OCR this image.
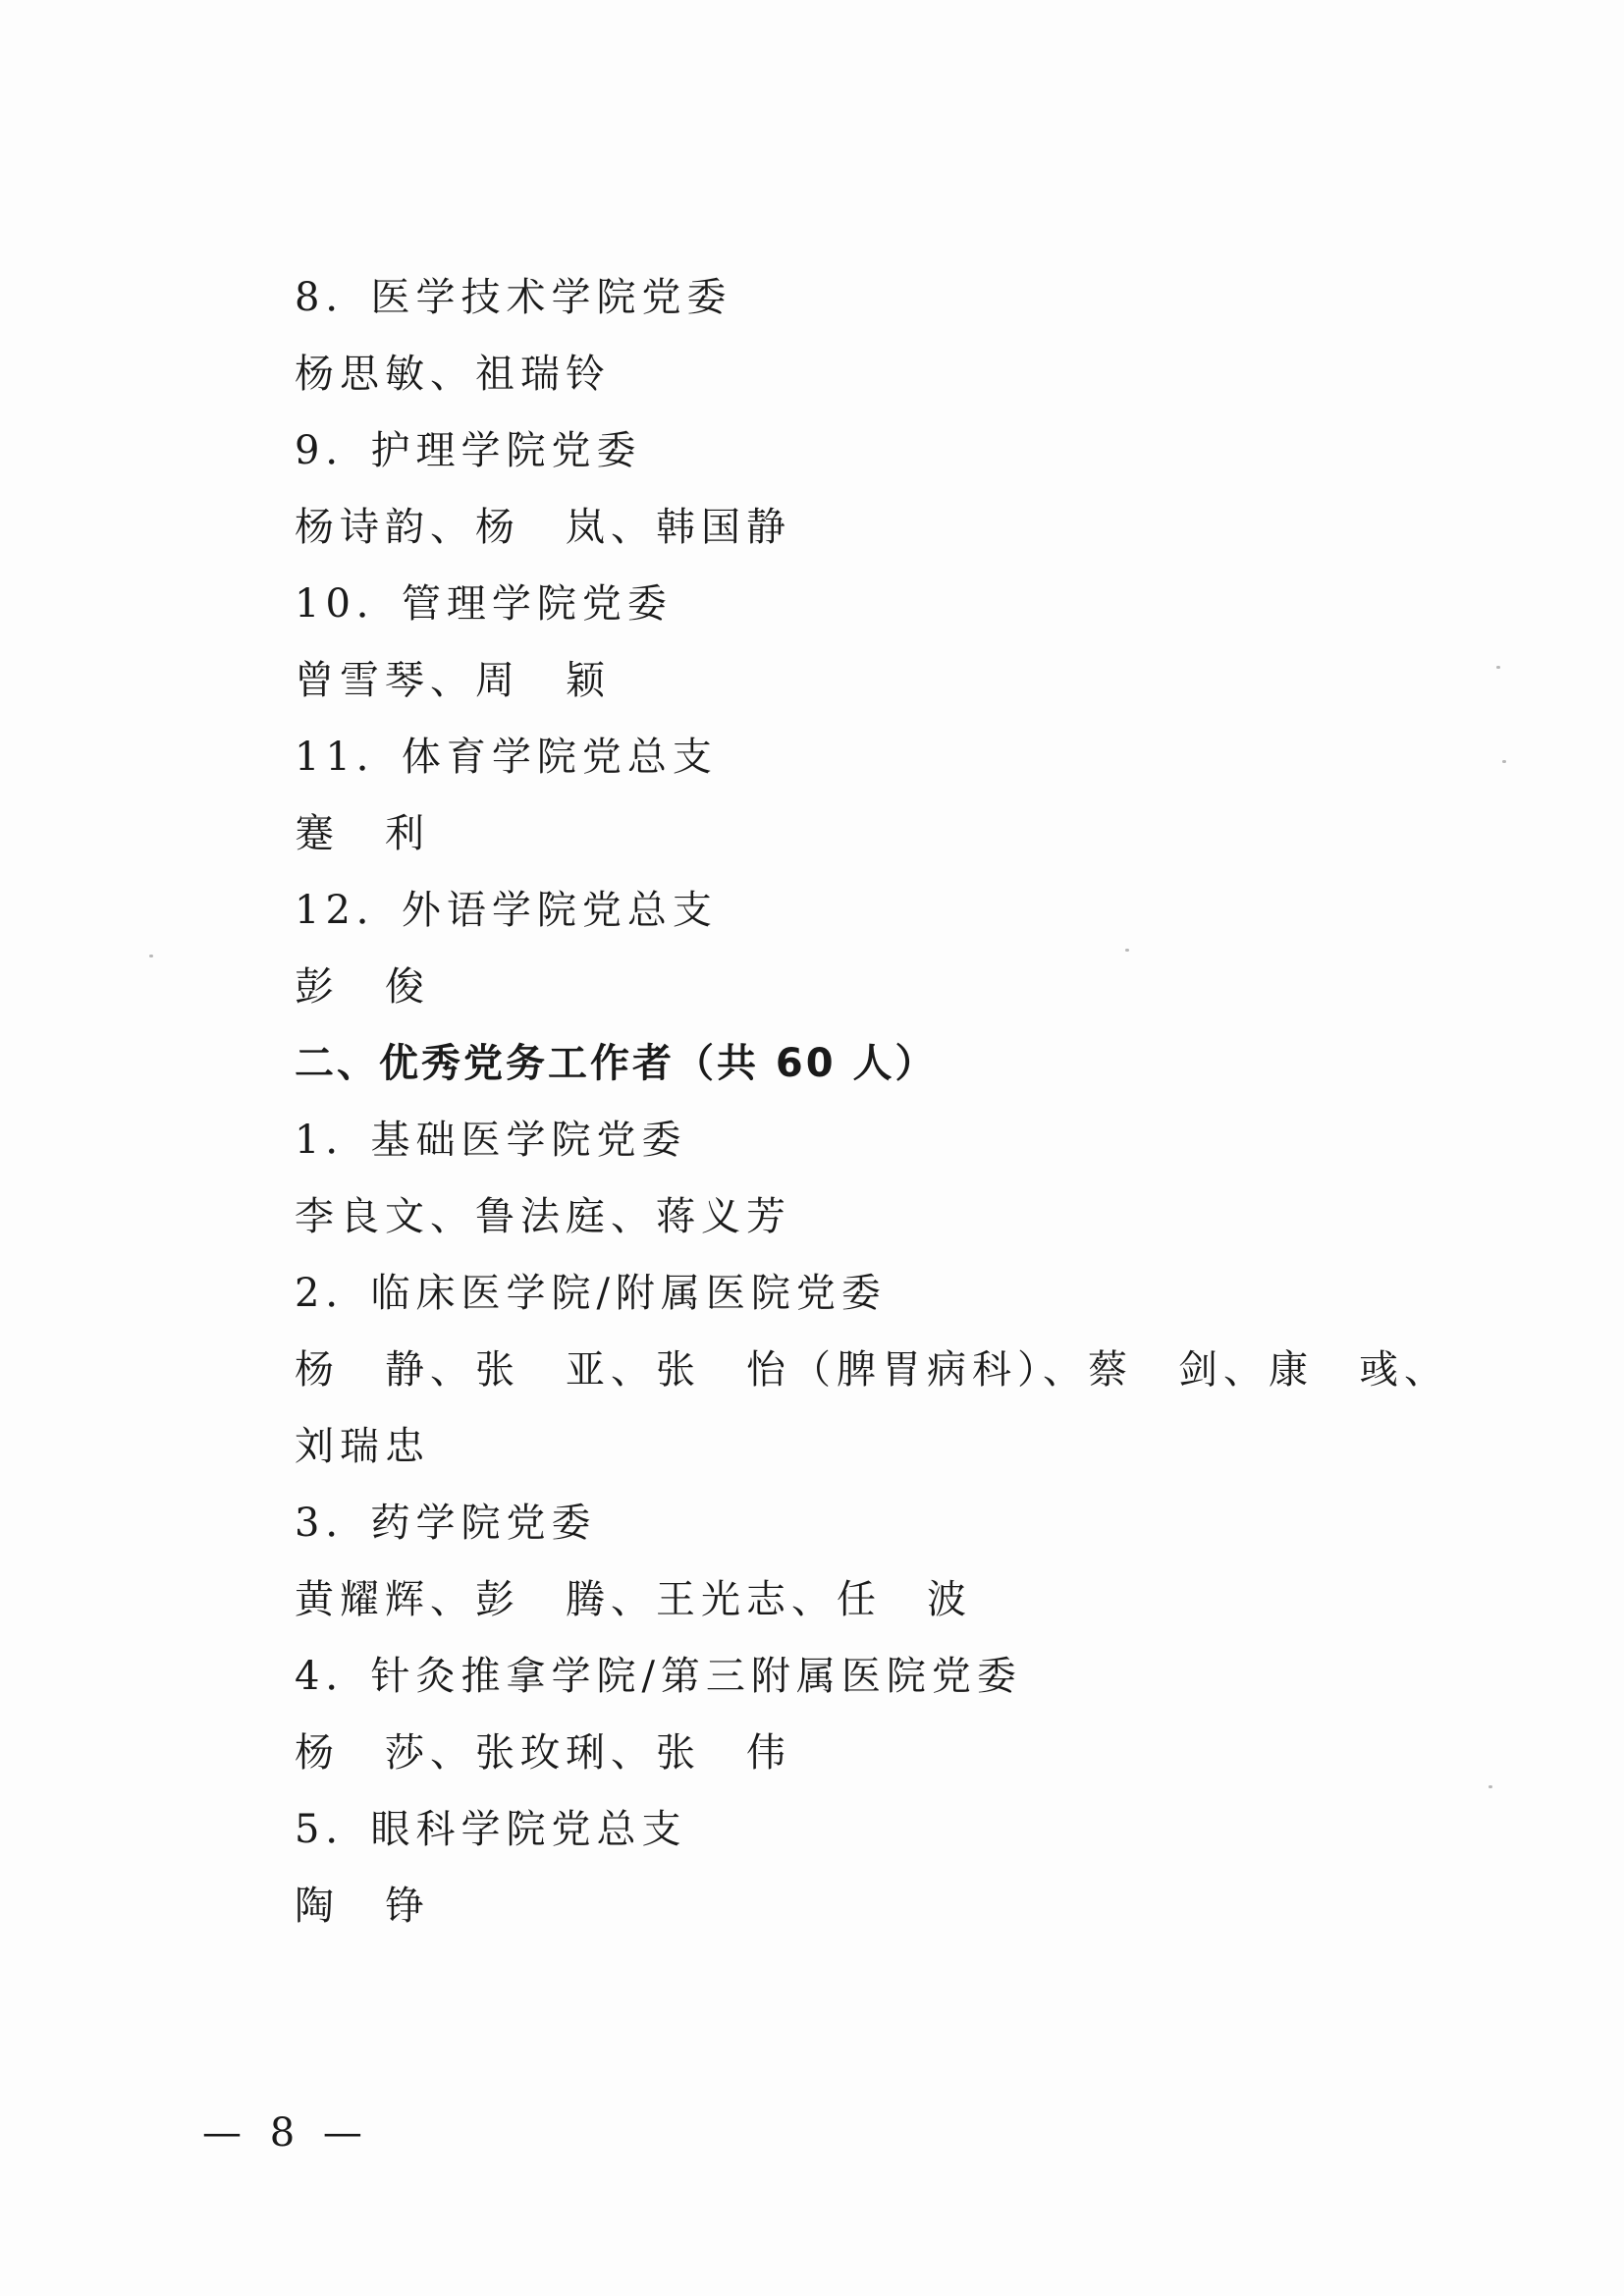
8．医学技术学院党委
杨思敏、祖瑞铃
9．护理学院党委
杨诗韵、杨　岚、韩国静
10．管理学院党委
曾雪琴、周　颖
11．体育学院党总支
蹇　利
12．外语学院党总支
彭　俊
二、优秀党务工作者（共 60 人）
1．基础医学院党委
李良文、鲁法庭、蒋义芳
2．临床医学院/附属医院党委
杨　静、张　亚、张　怡（脾胃病科）、蔡　剑、康　彧、
刘瑞忠
3．药学院党委
黄耀辉、彭　腾、王光志、任　波
4．针灸推拿学院/第三附属医院党委
杨　莎、张玫琍、张　伟
5．眼科学院党总支
陶　铮
— 8 —
